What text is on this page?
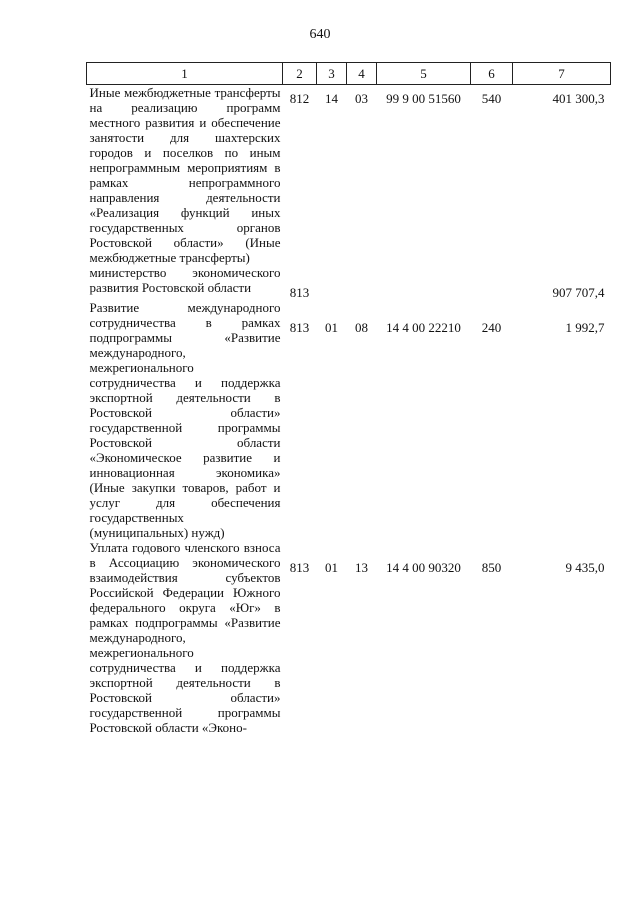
640
1	2	3	4	5	6	7
Иные межбюджетные трансферты на реализацию программ местного развития и обеспечение занятости для шахтерских городов и поселков по иным непрограммным мероприятиям в рамках непрограммного направления деятельности «Реализация функций иных государственных органов Ростовской области» (Иные межбюджетные трансферты)	812	14	03	99 9 00 51560	540	401 300,3
министерство экономического развития Ростовской области	813					907 707,4
Развитие международного сотрудничества в рамках подпрограммы «Развитие международного, межрегионального сотрудничества и поддержка экспортной деятельности в Ростовской области» государственной программы Ростовской области «Экономическое развитие и инновационная экономика» (Иные закупки товаров, работ и услуг для обеспечения государственных (муниципальных) нужд)	813	01	08	14 4 00 22210	240	1 992,7
Уплата годового членского взноса в Ассоциацию экономического взаимодействия субъектов Российской Федерации Южного федерального округа «Юг» в рамках подпрограммы «Развитие международного, межрегионального сотрудничества и поддержка экспортной деятельности в Ростовской области» государственной программы Ростовской области «Эконо-	813	01	13	14 4 00 90320	850	9 435,0
